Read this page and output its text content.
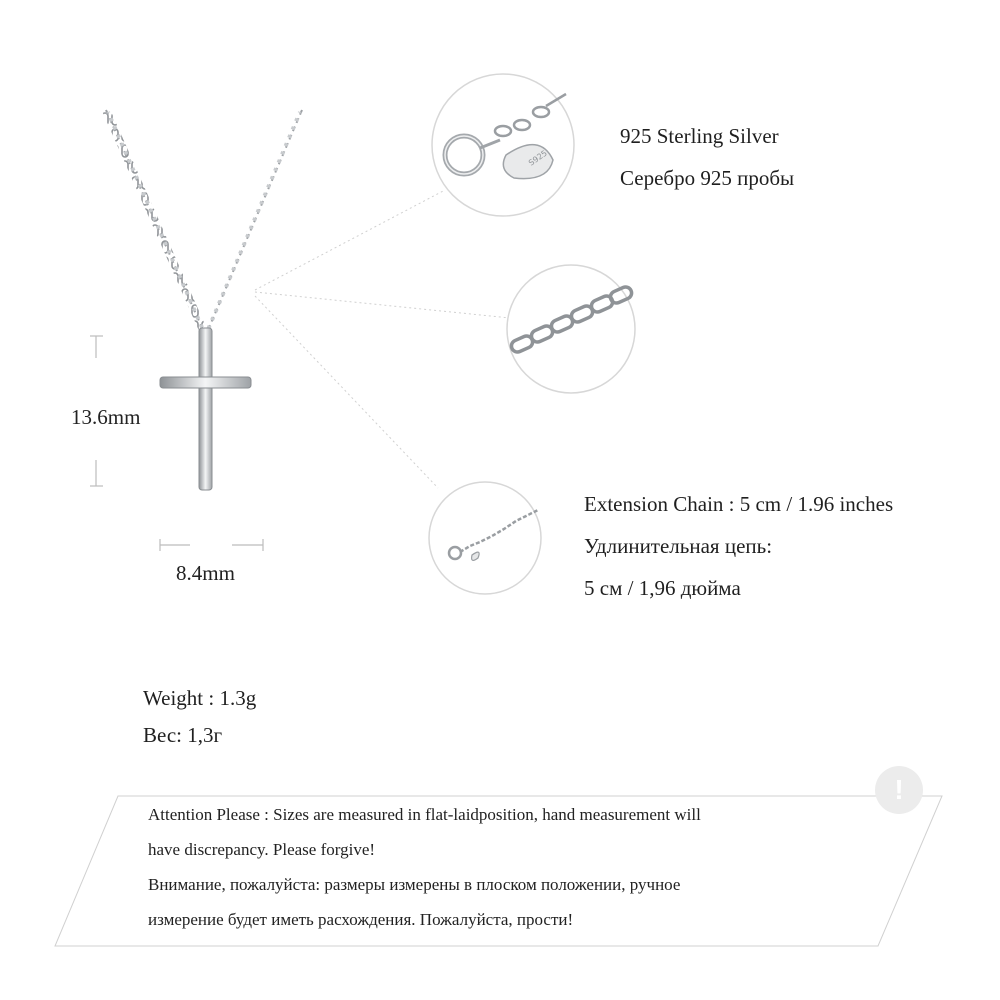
S925
13.6mm
8.4mm
925 Sterling Silver
Серебро 925 пробы
Extension Chain : 5 cm / 1.96 inches
Удлинительная цепь:
5 см / 1,96 дюйма
Weight : 1.3g
Вес: 1,3г
!
Attention Please : Sizes are measured in flat-laidposition, hand measurement will
have discrepancy. Please forgive!
Внимание, пожалуйста: размеры измерены в плоском положении, ручное
измерение будет иметь расхождения. Пожалуйста, прости!
